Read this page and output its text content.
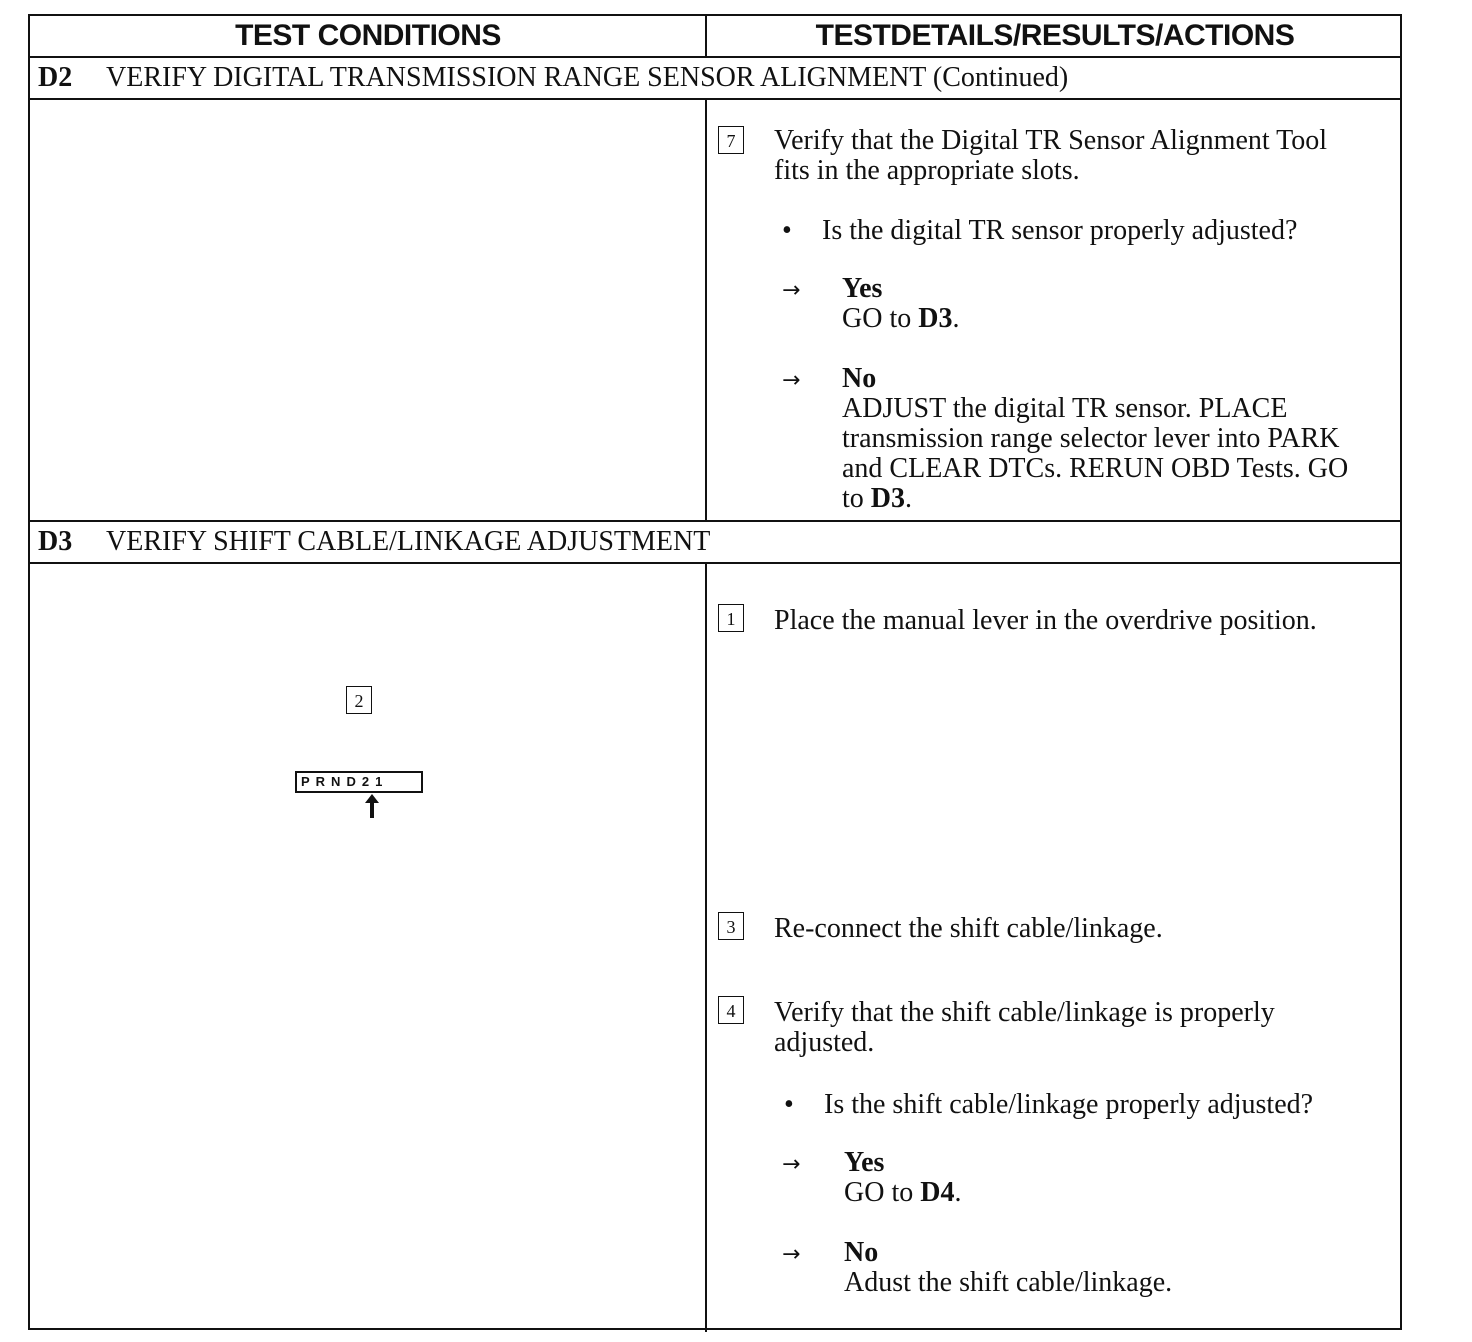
TEST CONDITIONS	TESTDETAILS/RESULTS/ACTIONS
D2 VERIFY DIGITAL TRANSMISSION RANGE SENSOR ALIGNMENT (Continued)
7	Verify that the Digital TR Sensor Alignment Tool
fits in the appropriate slots.
• Is the digital TR sensor properly adjusted?
→ Yes
GO to D3.
→ No
ADJUST the digital TR sensor. PLACE
transmission range selector lever into PARK
and CLEAR DTCs. RERUN OBD Tests. GO
to D3.
D3 VERIFY SHIFT CABLE/LINKAGE ADJUSTMENT
2
PRND21
1	Place the manual lever in the overdrive position.
3	Re-connect the shift cable/linkage.
4	Verify that the shift cable/linkage is properly
adjusted.
• Is the shift cable/linkage properly adjusted?
→ Yes
GO to D4.
→ No
Adust the shift cable/linkage.
